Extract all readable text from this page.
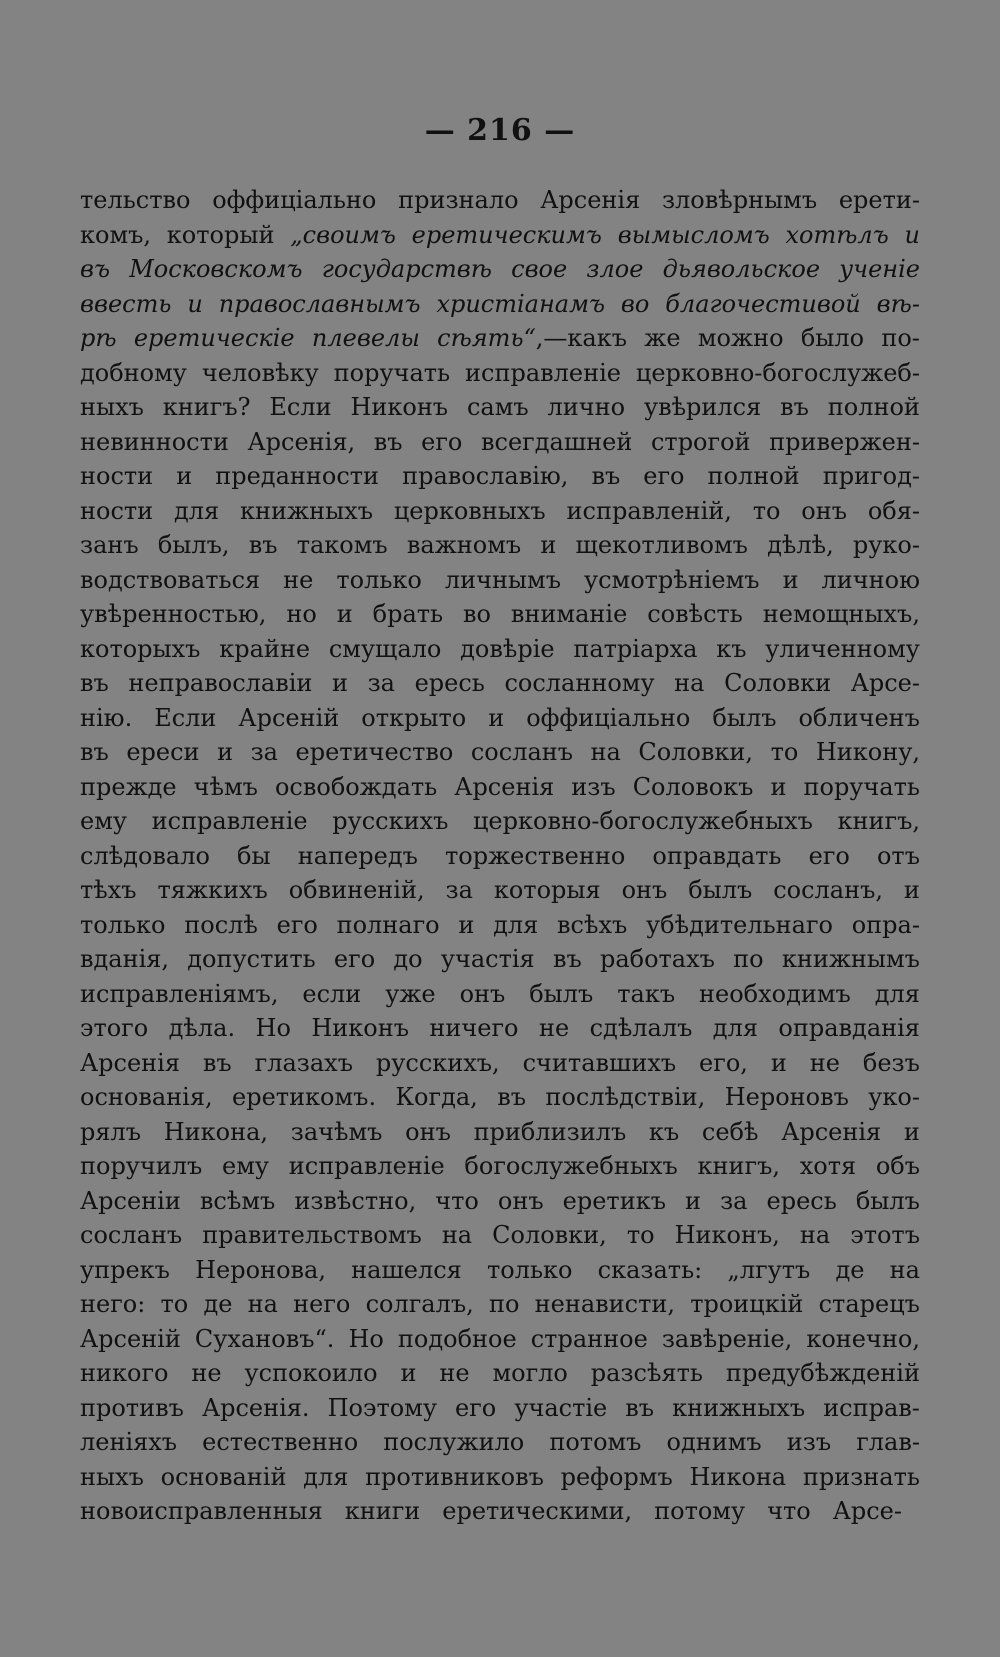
— 216 —
тельство оффиціально признало Арсенія зловѣрнымъ ерети-
комъ, который „своимъ еретическимъ вымысломъ хотѣлъ и
въ Московскомъ государствѣ свое злое дьявольское ученіе
ввесть и православнымъ христіанамъ во благочестивой вѣ-
рѣ еретическіе плевелы сѣять“,—какъ же можно было по-
добному человѣку поручать исправленіе церковно-богослужеб-
ныхъ книгъ? Если Никонъ самъ лично увѣрился въ полной
невинности Арсенія, въ его всегдашней строгой привержен-
ности и преданности православію, въ его полной пригод-
ности для книжныхъ церковныхъ исправленій, то онъ обя-
занъ былъ, въ такомъ важномъ и щекотливомъ дѣлѣ, руко-
водствоваться не только личнымъ усмотрѣніемъ и личною
увѣренностью, но и брать во вниманіе совѣсть немощныхъ,
которыхъ крайне смущало довѣріе патріарха къ уличенному
въ неправославіи и за ересь сосланному на Соловки Арсе-
нію. Если Арсеній открыто и оффиціально былъ обличенъ
въ ереси и за еретичество сосланъ на Соловки, то Никону,
прежде чѣмъ освобождать Арсенія изъ Соловокъ и поручать
ему исправленіе русскихъ церковно-богослужебныхъ книгъ,
слѣдовало бы напередъ торжественно оправдать его отъ
тѣхъ тяжкихъ обвиненій, за которыя онъ былъ сосланъ, и
только послѣ его полнаго и для всѣхъ убѣдительнаго опра-
вданія, допустить его до участія въ работахъ по книжнымъ
исправленіямъ, если уже онъ былъ такъ необходимъ для
этого дѣла. Но Никонъ ничего не сдѣлалъ для оправданія
Арсенія въ глазахъ русскихъ, считавшихъ его, и не безъ
основанія, еретикомъ. Когда, въ послѣдствіи, Нероновъ уко-
рялъ Никона, зачѣмъ онъ приблизилъ къ себѣ Арсенія и
поручилъ ему исправленіе богослужебныхъ книгъ, хотя объ
Арсеніи всѣмъ извѣстно, что онъ еретикъ и за ересь былъ
сосланъ правительствомъ на Соловки, то Никонъ, на этотъ
упрекъ Неронова, нашелся только сказать: „лгутъ де на
него: то де на него солгалъ, по ненависти, троицкій старецъ
Арсеній Сухановъ“. Но подобное странное завѣреніе, конечно,
никого не успокоило и не могло разсѣять предубѣжденій
противъ Арсенія. Поэтому его участіе въ книжныхъ исправ-
леніяхъ естественно послужило потомъ однимъ изъ глав-
ныхъ основаній для противниковъ реформъ Никона признать
новоисправленныя книги еретическими, потому что Арсе-
